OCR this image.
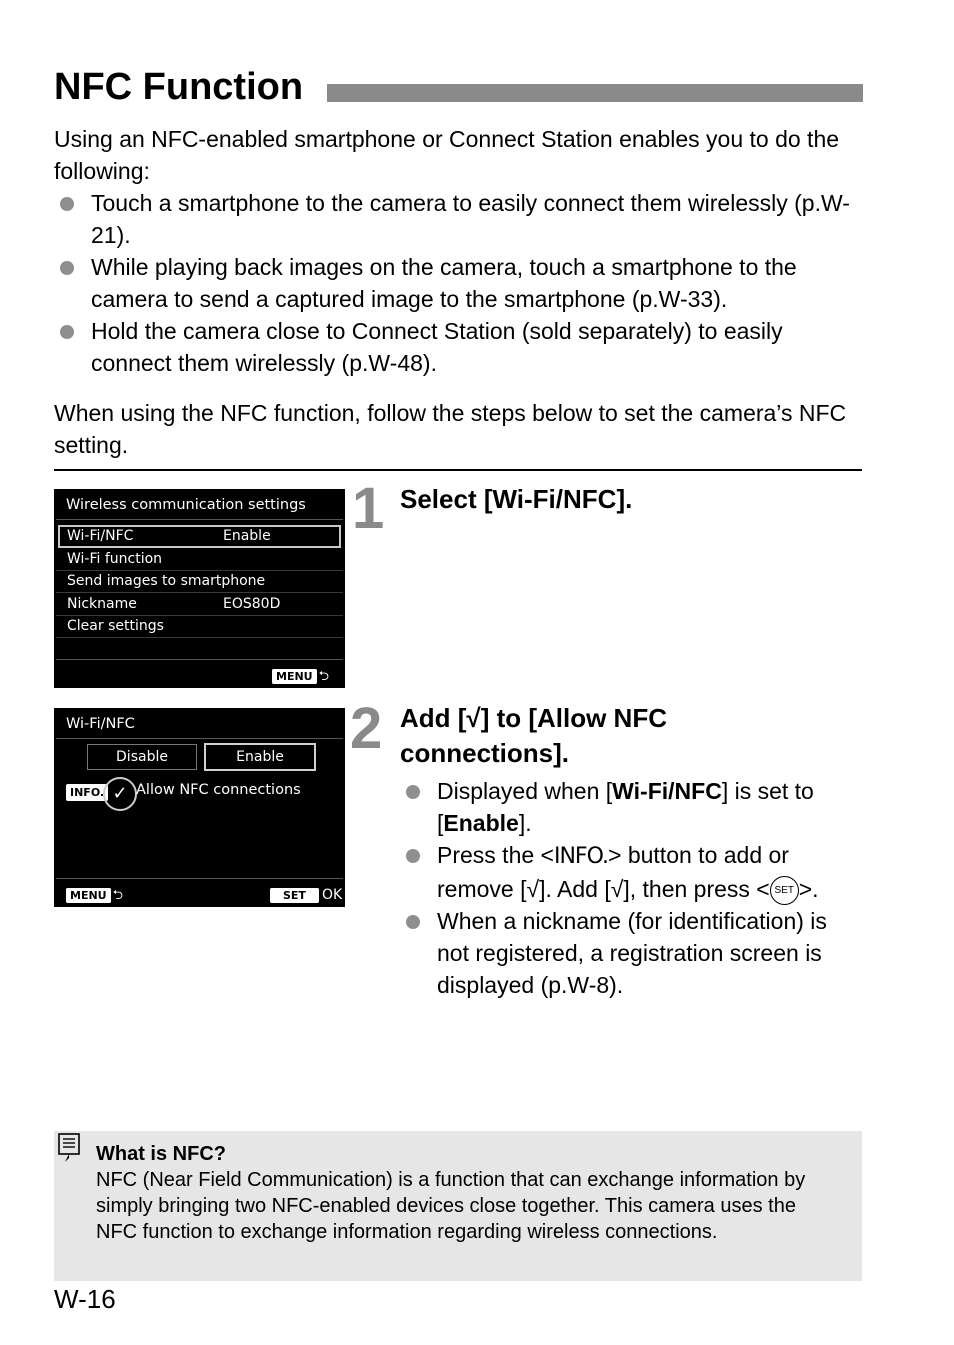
NFC Function
Using an NFC-enabled smartphone or Connect Station enables you to do the following:
Touch a smartphone to the camera to easily connect them wirelessly (p.W-21).
While playing back images on the camera, touch a smartphone to the camera to send a captured image to the smartphone (p.W-33).
Hold the camera close to Connect Station (sold separately) to easily connect them wirelessly (p.W-48).
When using the NFC function, follow the steps below to set the camera’s NFC setting.
Wireless communication settings
Wi-Fi/NFC	Enable
Wi-Fi function
Send images to smartphone
Nickname	EOS80D
Clear settings
MENU ⮌
Wi-Fi/NFC
Disable	Enable
INFO. ✓ Allow NFC connections
MENU ⮌	SET OK
1 Select [Wi-Fi/NFC].
2 Add [√] to [Allow NFC connections].
Displayed when [Wi-Fi/NFC] is set to [Enable].
Press the <INFO.> button to add or remove [√]. Add [√], then press < SET >.
When a nickname (for identification) is not registered, a registration screen is displayed (p.W-8).
What is NFC?
NFC (Near Field Communication) is a function that can exchange information by simply bringing two NFC-enabled devices close together. This camera uses the NFC function to exchange information regarding wireless connections.
W-16
